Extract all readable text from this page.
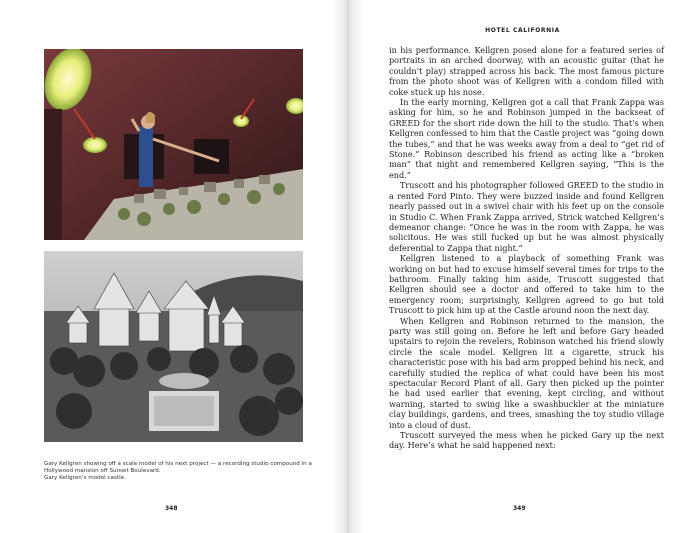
Gary Kellgren showing off a scale model of his next project — a recording studio compound in a Hollywood mansion off Sunset Boulevard.

Gary Kellgren’s model castle.

348
HOTEL CALIFORNIA

in his performance. Kellgren posed alone for a featured series of portraits in an arched doorway, with an acoustic guitar (that he couldn’t play) strapped across his back. The most famous picture from the photo shoot was of Kellgren with a condom filled with coke stuck up his nose.

In the early morning, Kellgren got a call that Frank Zappa was asking for him, so he and Robinson jumped in the backseat of GREED for the short ride down the hill to the studio. That’s when Kellgren confessed to him that the Castle project was “going down the tubes,” and that he was weeks away from a deal to “get rid of Stone.” Robinson described his friend as acting like a “broken man” that night and remembered Kellgren saying, “This is the end.”

Truscott and his photographer followed GREED to the studio in a rented Ford Pinto. They were buzzed inside and found Kellgren nearly passed out in a swivel chair with his feet up on the console in Studio C. When Frank Zappa arrived, Strick watched Kellgren’s demeanor change: “Once he was in the room with Zappa, he was solicitous. He was still fucked up but he was almost physically deferential to Zappa that night.”

Kellgren listened to a playback of something Frank was working on but had to excuse himself several times for trips to the bathroom. Finally taking him aside, Truscott suggested that Kellgren should see a doctor and offered to take him to the emergency room; surprisingly, Kellgren agreed to go but told Truscott to pick him up at the Castle around noon the next day.

When Kellgren and Robinson returned to the mansion, the party was still going on. Before he left and before Gary headed upstairs to rejoin the revelers, Robinson watched his friend slowly circle the scale model. Kellgren lit a cigarette, struck his characteristic pose with his bad arm propped behind his neck, and carefully studied the replica of what could have been his most spectacular Record Plant of all. Gary then picked up the pointer he had used earlier that evening, kept circling, and without warning, started to swing like a swashbuckler at the miniature clay buildings, gardens, and trees, smashing the toy studio village into a cloud of dust.

Truscott surveyed the mess when he picked Gary up the next day. Here’s what he said happened next:

349
